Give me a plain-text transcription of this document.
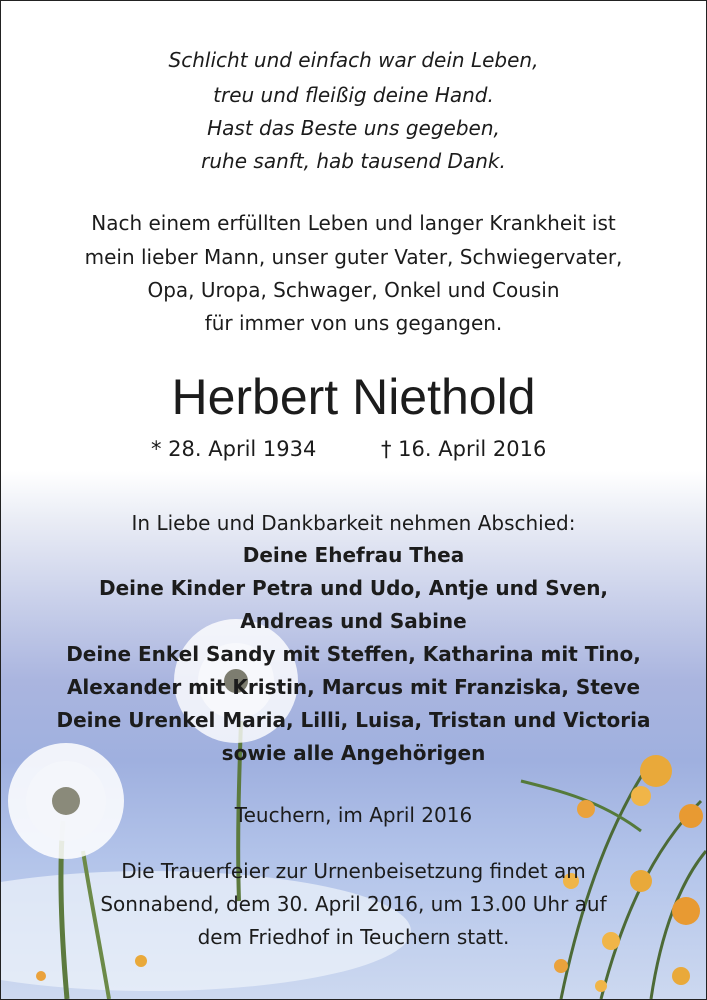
Schlicht und einfach war dein Leben,
treu und fleißig deine Hand.
Hast das Beste uns gegeben,
ruhe sanft, hab tausend Dank.
Nach einem erfüllten Leben und langer Krankheit ist
mein lieber Mann, unser guter Vater, Schwiegervater,
Opa, Uropa, Schwager, Onkel und Cousin
für immer von uns gegangen.
Herbert Niethold
* 28. April 1934	† 16. April 2016
In Liebe und Dankbarkeit nehmen Abschied:
Deine Ehefrau Thea
Deine Kinder Petra und Udo, Antje und Sven,
Andreas und Sabine
Deine Enkel Sandy mit Steffen, Katharina mit Tino,
Alexander mit Kristin, Marcus mit Franziska, Steve
Deine Urenkel Maria, Lilli, Luisa, Tristan und Victoria
sowie alle Angehörigen
Teuchern, im April 2016
Die Trauerfeier zur Urnenbeisetzung findet am
Sonnabend, dem 30. April 2016, um 13.00 Uhr auf
dem Friedhof in Teuchern statt.
